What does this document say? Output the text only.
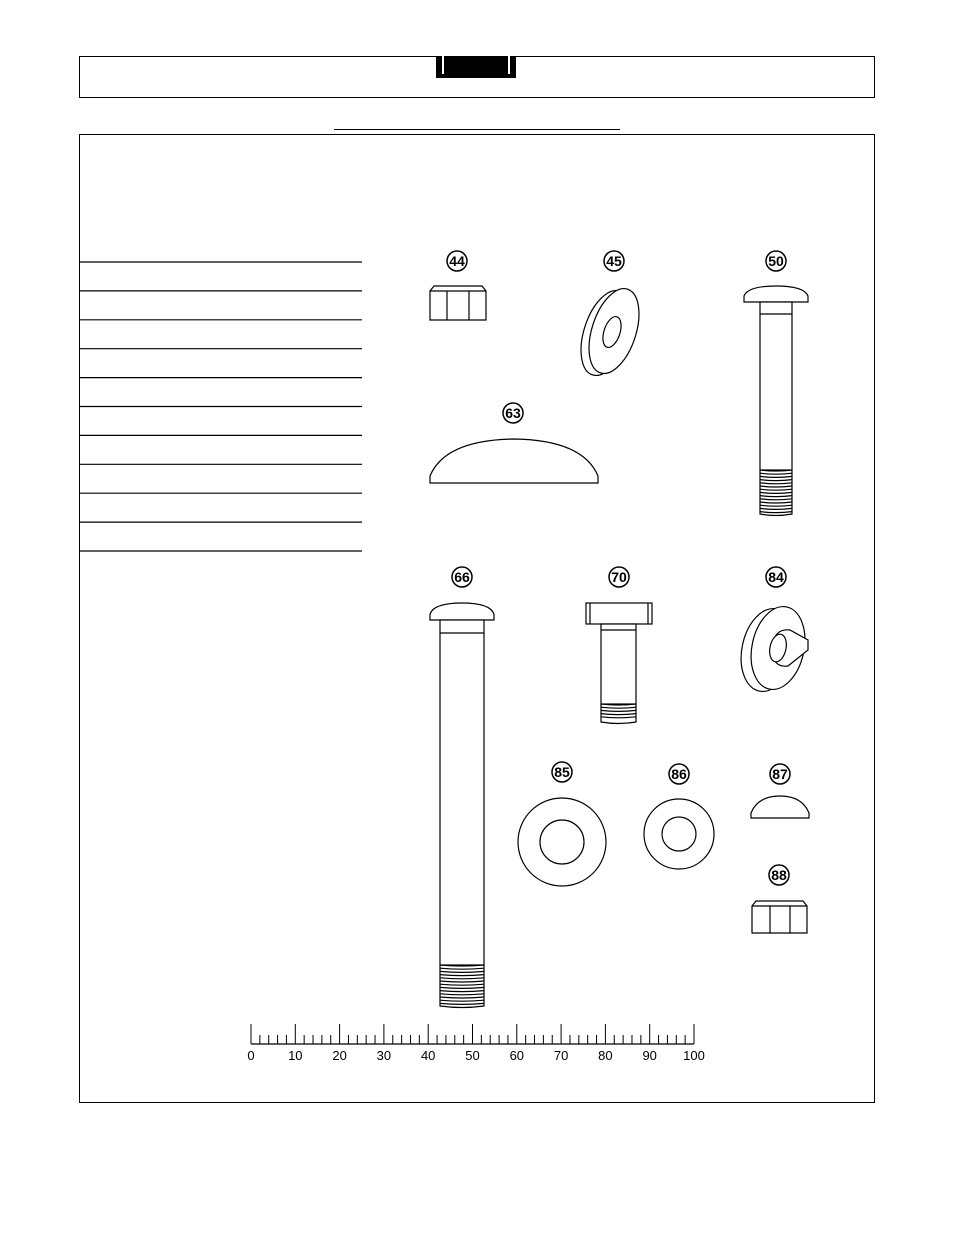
44	45	50
63
66	70	84
85	86	87
88
0	10 20 30 40 50 60 70 80 90 100
